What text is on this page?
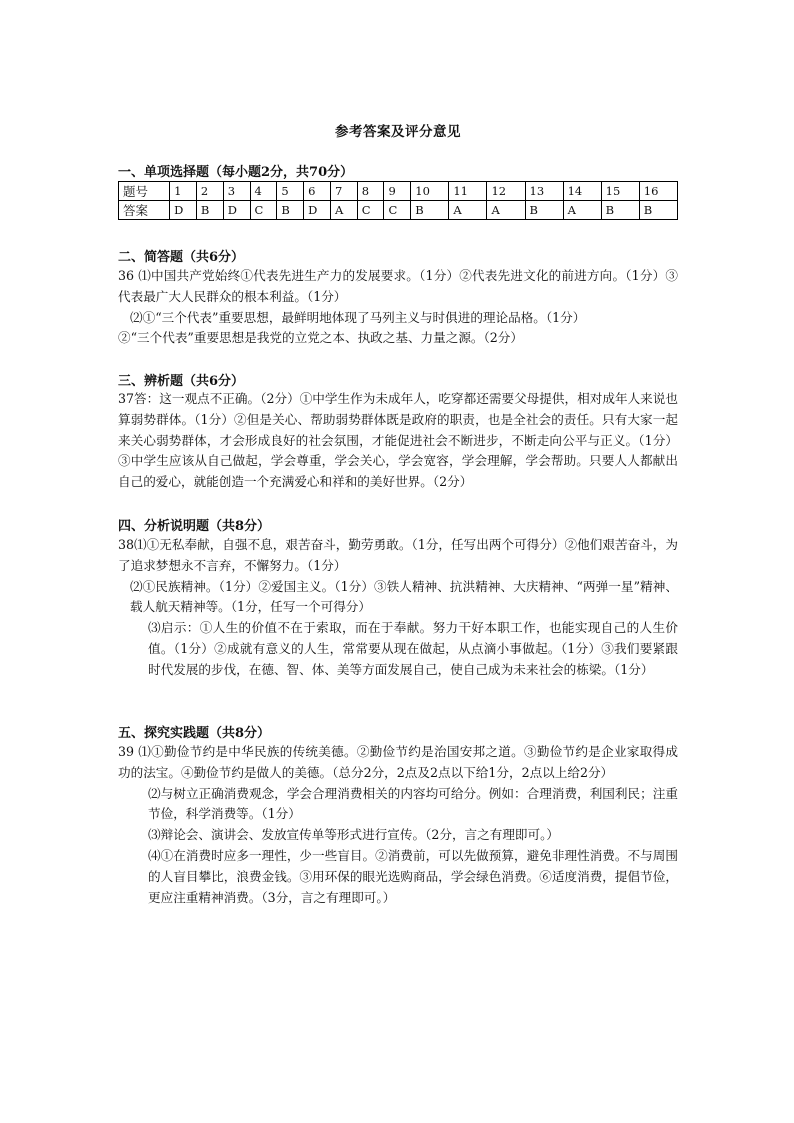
参考答案及评分意见
一、单项选择题（每小题2分，共70分）
题号	1	2	3	4	5	6	7	8	9	10	11	12	13	14	15	16
答案	D	B	D	C	B	D	A	C	C	B	A	A	B	A	B	B
二、简答题（共6分）

36 ⑴中国共产党始终①代表先进生产力的发展要求。（1分）②代表先进文化的前进方向。（1分）③代表最广大人民群众的根本利益。（1分）

⑵①“三个代表”重要思想，最鲜明地体现了马列主义与时俱进的理论品格。（1分）

②“三个代表”重要思想是我党的立党之本、执政之基、力量之源。（2分）

三、辨析题（共6分）

37答：这一观点不正确。（2分）①中学生作为未成年人，吃穿都还需要父母提供，相对成年人来说也算弱势群体。（1分）②但是关心、帮助弱势群体既是政府的职责，也是全社会的责任。只有大家一起来关心弱势群体，才会形成良好的社会氛围，才能促进社会不断进步，不断走向公平与正义。（1分）③中学生应该从自己做起，学会尊重，学会关心，学会宽容，学会理解，学会帮助。只要人人都献出自己的爱心，就能创造一个充满爱心和祥和的美好世界。（2分）

四、分析说明题（共8分）

38⑴①无私奉献，自强不息，艰苦奋斗，勤劳勇敢。（1分，任写出两个可得分）②他们艰苦奋斗，为了追求梦想永不言弃，不懈努力。（1分）

⑵①民族精神。（1分）②爱国主义。（1分）③铁人精神、抗洪精神、大庆精神、“两弹一星”精神、载人航天精神等。（1分，任写一个可得分）

⑶启示：①人生的价值不在于索取，而在于奉献。努力干好本职工作，也能实现自己的人生价值。（1分）②成就有意义的人生，常常要从现在做起，从点滴小事做起。（1分）③我们要紧跟时代发展的步伐，在德、智、体、美等方面发展自己，使自己成为未来社会的栋梁。（1分）

五、探究实践题（共8分）

39 ⑴①勤俭节约是中华民族的传统美德。②勤俭节约是治国安邦之道。③勤俭节约是企业家取得成功的法宝。④勤俭节约是做人的美德。（总分2分，2点及2点以下给1分，2点以上给2分）

⑵与树立正确消费观念，学会合理消费相关的内容均可给分。例如：合理消费，利国利民；注重节俭，科学消费等。（1分）

⑶辩论会、演讲会、发放宣传单等形式进行宣传。（2分，言之有理即可。）

⑷①在消费时应多一理性，少一些盲目。②消费前，可以先做预算，避免非理性消费。不与周围的人盲目攀比，浪费金钱。③用环保的眼光选购商品，学会绿色消费。⑥适度消费，提倡节俭，更应注重精神消费。（3分，言之有理即可。）
